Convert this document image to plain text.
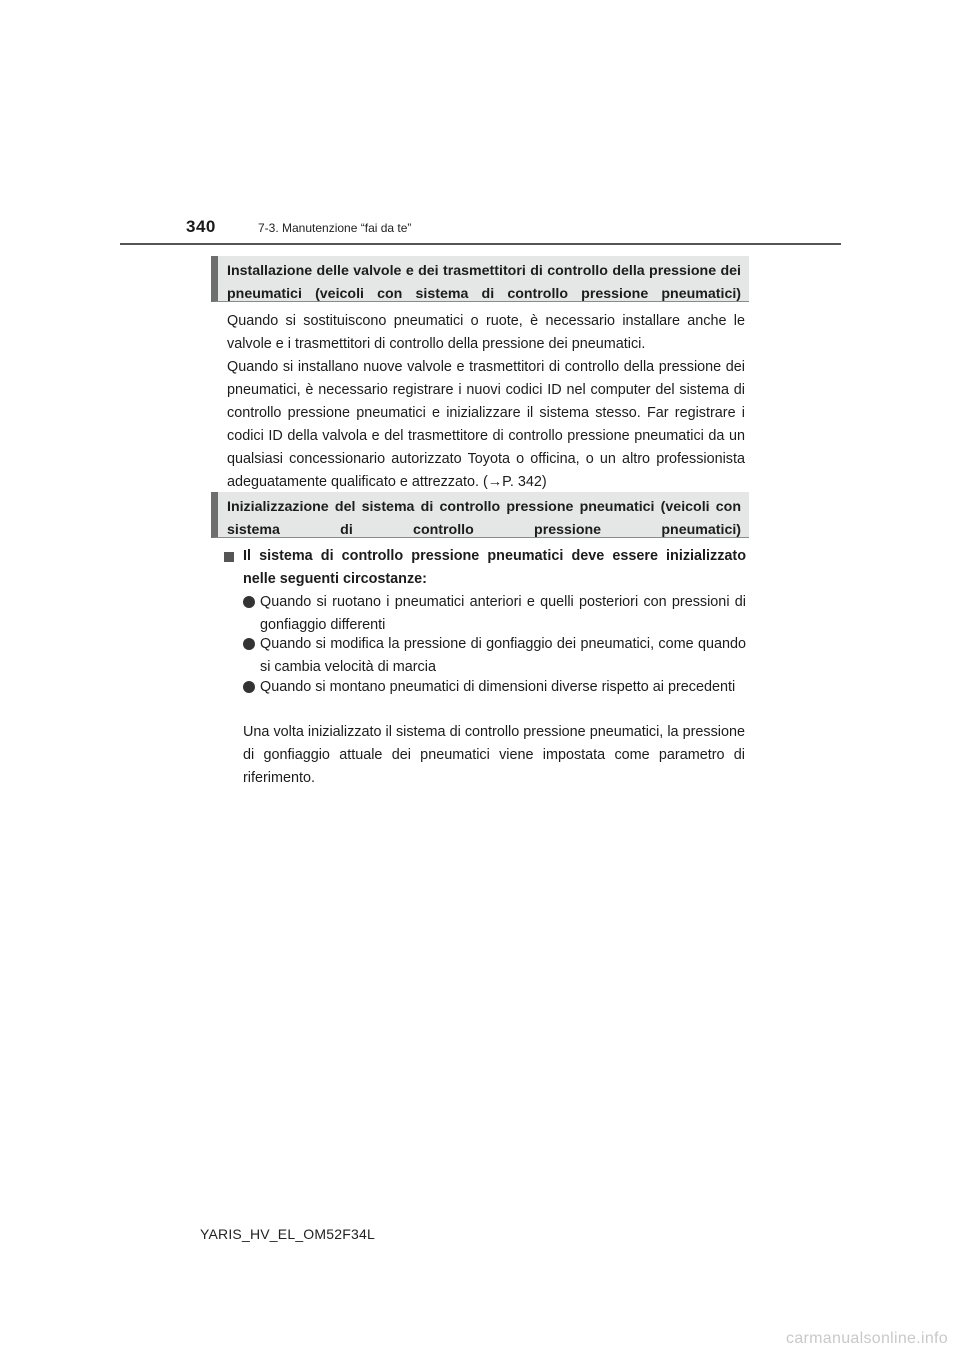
340	7-3. Manutenzione “fai da te”
Installazione delle valvole e dei trasmettitori di controllo della pressione dei pneumatici (veicoli con sistema di controllo pressione pneumatici)

Quando si sostituiscono pneumatici o ruote, è necessario installare anche le valvole e i trasmettitori di controllo della pressione dei pneumatici.

Quando si installano nuove valvole e trasmettitori di controllo della pressione dei pneumatici, è necessario registrare i nuovi codici ID nel computer del sistema di controllo pressione pneumatici e inizializzare il sistema stesso. Far registrare i codici ID della valvola e del trasmettitore di controllo pressione pneumatici da un qualsiasi concessionario autorizzato Toyota o officina, o un altro professionista adeguatamente qualificato e attrezzato. (→P. 342)

Inizializzazione del sistema di controllo pressione pneumatici (veicoli con sistema di controllo pressione pneumatici)
Il sistema di controllo pressione pneumatici deve essere inizializzato nelle seguenti circostanze:
Quando si ruotano i pneumatici anteriori e quelli posteriori con pressioni di gonfiaggio differenti
Quando si modifica la pressione di gonfiaggio dei pneumatici, come quando si cambia velocità di marcia
Quando si montano pneumatici di dimensioni diverse rispetto ai precedenti

Una volta inizializzato il sistema di controllo pressione pneumatici, la pressione di gonfiaggio attuale dei pneumatici viene impostata come parametro di riferimento.

YARIS_HV_EL_OM52F34L
carmanualsonline.info
